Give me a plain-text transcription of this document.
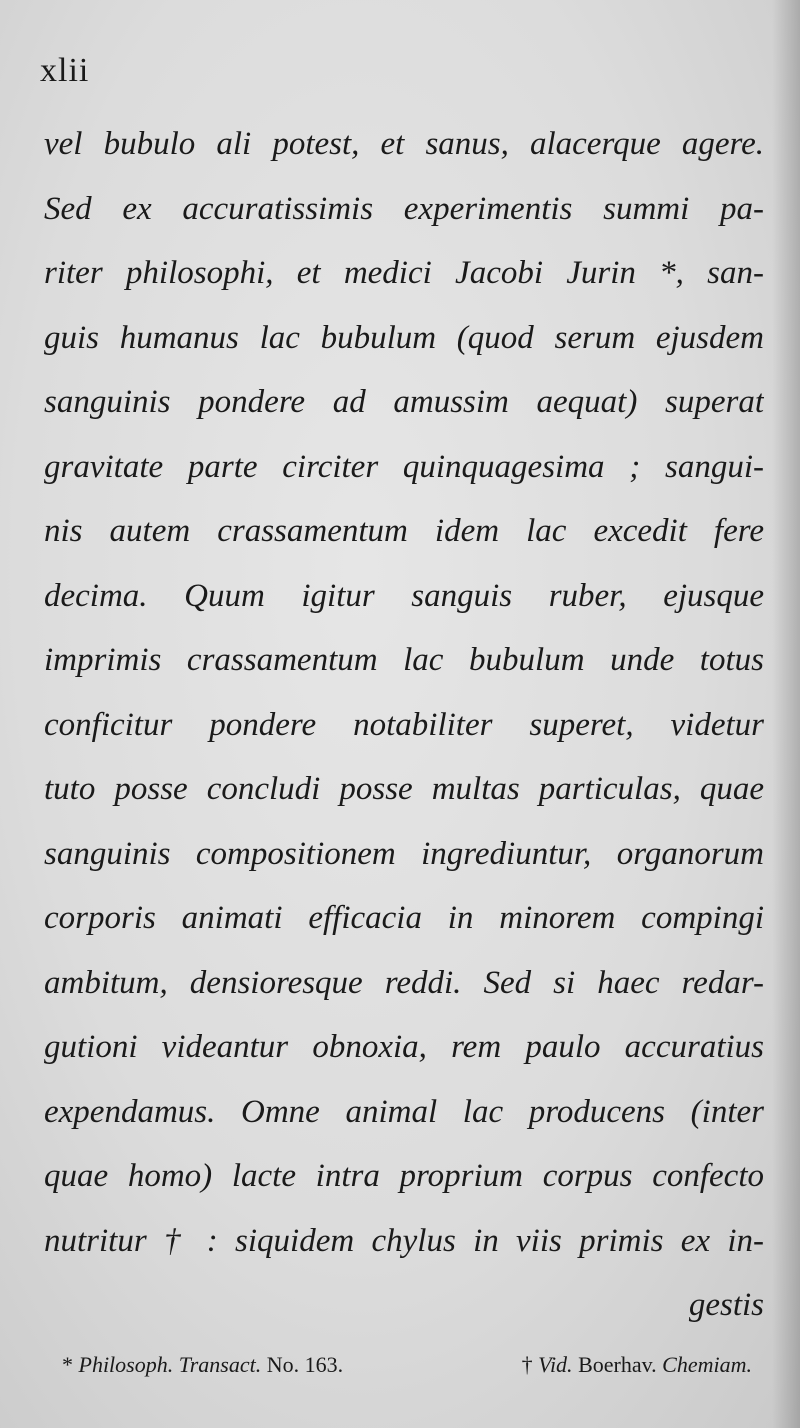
xlii
vel bubulo ali potest, et sanus, alacerque agere.
Sed ex accuratissimis experimentis summi pa-
riter philosophi, et medici Jacobi Jurin *, san-
guis humanus lac bubulum (quod serum ejusdem
sanguinis pondere ad amussim aequat) superat
gravitate parte circiter quinquagesima ; sangui-
nis autem crassamentum idem lac excedit fere
decima. Quum igitur sanguis ruber, ejusque
imprimis crassamentum lac bubulum unde totus
conficitur pondere notabiliter superet, videtur
tuto posse concludi posse multas particulas, quae
sanguinis compositionem ingrediuntur, organorum
corporis animati efficacia in minorem compingi
ambitum, densioresque reddi. Sed si haec redar-
gutioni videantur obnoxia, rem paulo accuratius
expendamus. Omne animal lac producens (inter
quae homo) lacte intra proprium corpus confecto
nutritur † : siquidem chylus in viis primis ex in-
gestis
* Philosoph. Transact. No. 163.	† Vid. Boerhav. Chemiam.
